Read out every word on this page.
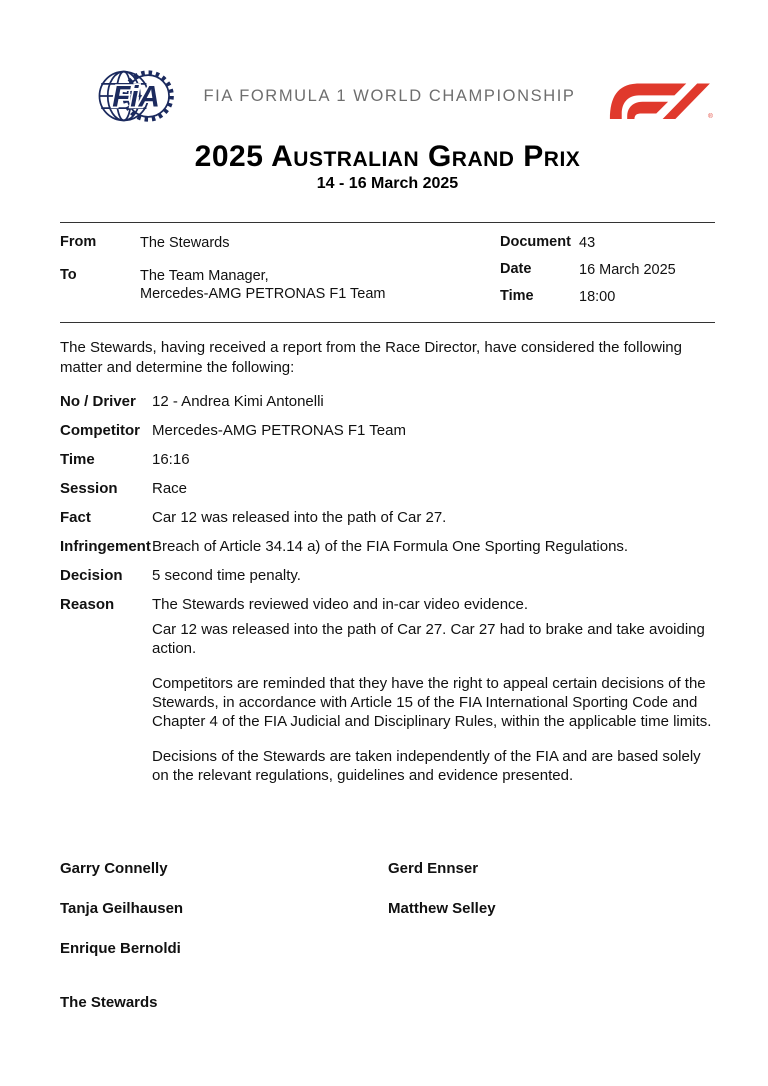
FiA	FIA FORMULA 1 WORLD CHAMPIONSHIP
®
2025 Australian Grand Prix
14 - 16 March 2025
From	The Stewards
To	The Team Manager,
Mercedes-AMG PETRONAS F1 Team
Document 43
Date	16 March 2025
Time	18:00

The Stewards, having received a report from the Race Director, have considered the following matter and determine the following:

No / Driver	12 - Andrea Kimi Antonelli
Competitor Mercedes-AMG PETRONAS F1 Team
Time	16:16
Session	Race
Fact	Car 12 was released into the path of Car 27.
Infringement Breach of Article 34.14 a) of the FIA Formula One Sporting Regulations.
Decision	5 second time penalty.
Reason	The Stewards reviewed video and in-car video evidence.

Car 12 was released into the path of Car 27. Car 27 had to brake and take avoiding action.

Competitors are reminded that they have the right to appeal certain decisions of the Stewards, in accordance with Article 15 of the FIA International Sporting Code and Chapter 4 of the FIA Judicial and Disciplinary Rules, within the applicable time limits.

Decisions of the Stewards are taken independently of the FIA and are based solely on the relevant regulations, guidelines and evidence presented.

Garry Connelly	Gerd Ennser
Tanja Geilhausen	Matthew Selley
Enrique Bernoldi
The Stewards
